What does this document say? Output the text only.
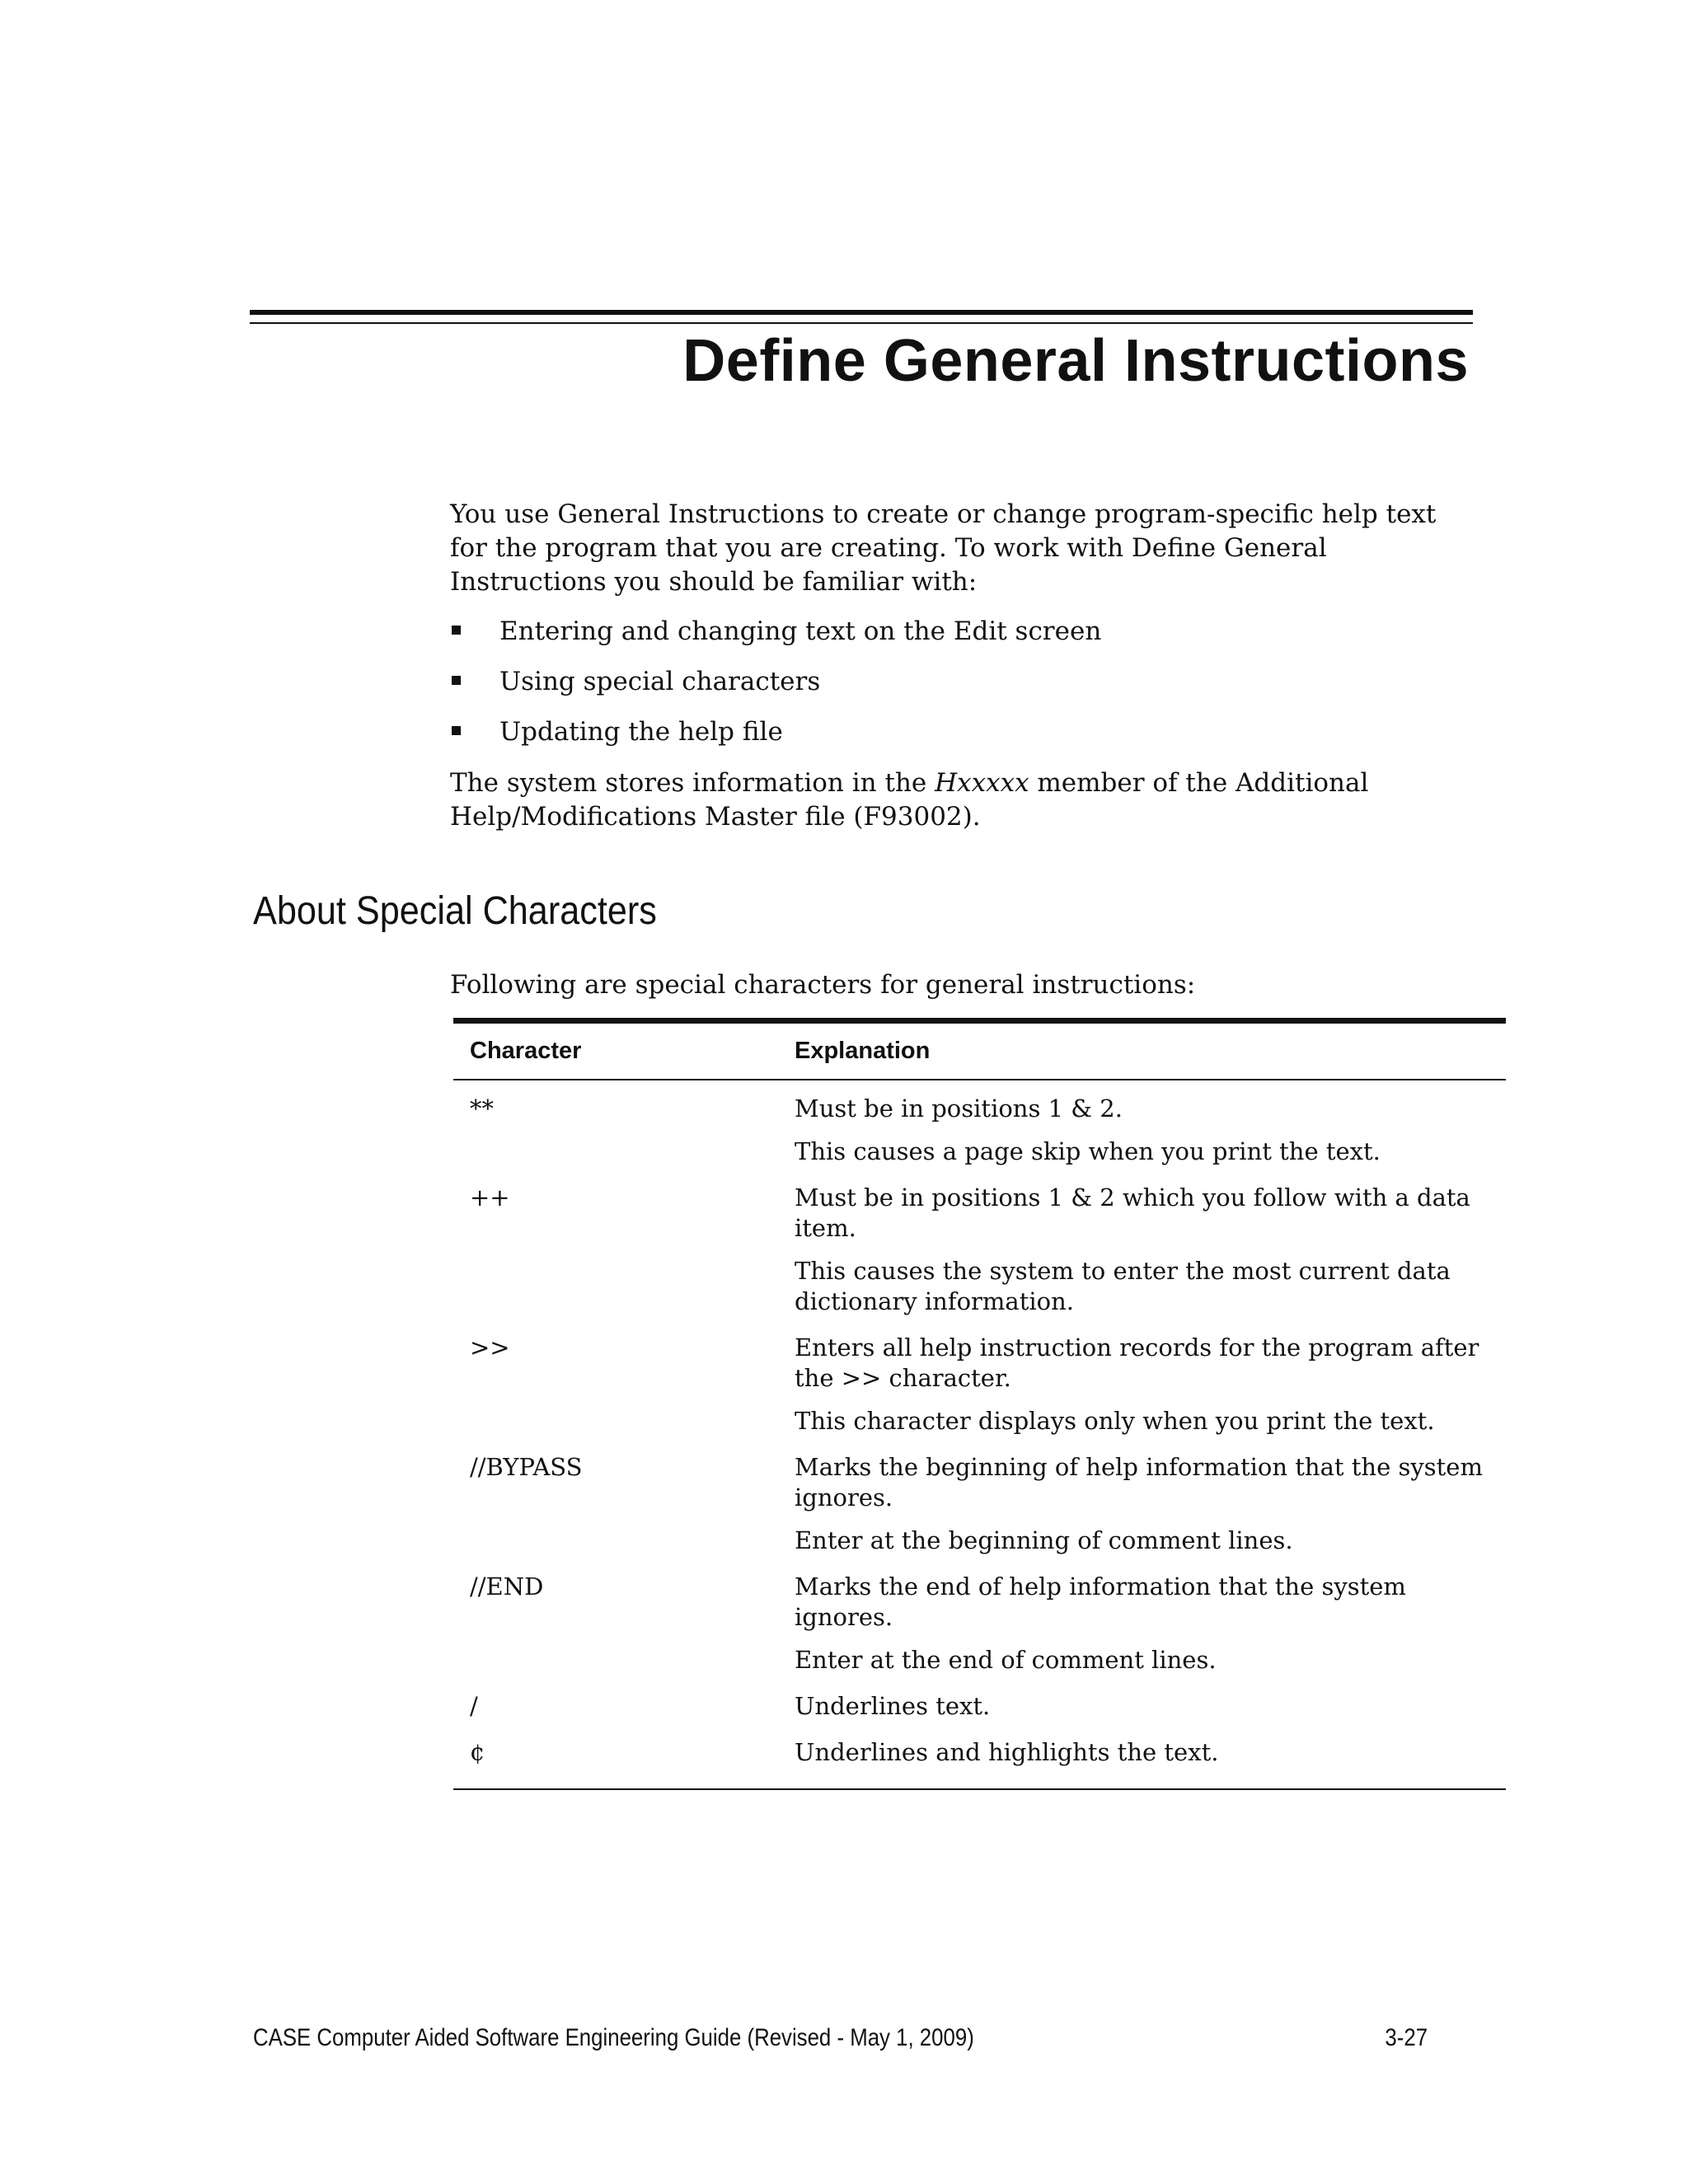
Define General Instructions

You use General Instructions to create or change program-specific help text for the program that you are creating. To work with Define General Instructions you should be familiar with:

Entering and changing text on the Edit screen
Using special characters
Updating the help file

The system stores information in the Hxxxxx member of the Additional Help/Modifications Master file (F93002).

About Special Characters

Following are special characters for general instructions:

Character	Explanation
**	Must be in positions 1 & 2.

This causes a page skip when you print the text.

++	Must be in positions 1 & 2 which you follow with a data item.

This causes the system to enter the most current data dictionary information.

>>	Enters all help instruction records for the program after the >> character.

This character displays only when you print the text.

//BYPASS	Marks the beginning of help information that the system ignores.

Enter at the beginning of comment lines.

//END	Marks the end of help information that the system ignores.

Enter at the end of comment lines.

/	Underlines text.

¢	Underlines and highlights the text.

CASE Computer Aided Software Engineering Guide (Revised - May 1, 2009)	3-27
